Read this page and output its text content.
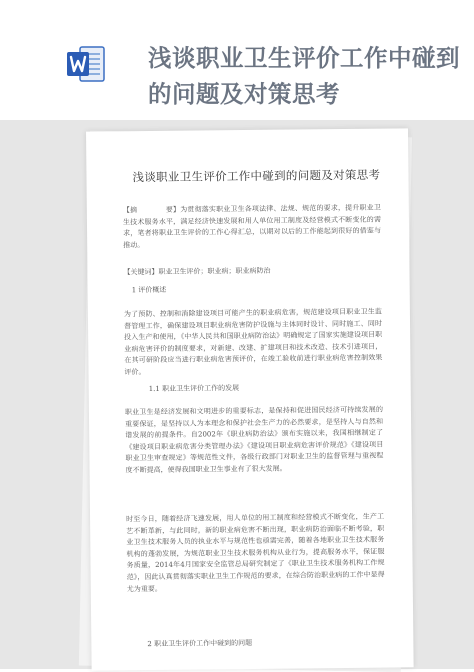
浅谈职业卫生评价工作中碰到的问题及对策思考
浅谈职业卫生评价工作中碰到的问题及对策思考
【摘　　　　要】为贯彻落实职业卫生各项法律、法规、规范的要求，提升职业卫生技术服务水平，满足经济快速发展和用人单位用工制度及经营模式不断变化的需求，笔者将职业卫生评价的工作心得汇总，以期对以后的工作能起到很好的借鉴与推动。
【关键词】职业卫生评价；职业病；职业病防治
1 评价概述
为了预防、控制和消除建设项目可能产生的职业病危害，规范建设项目职业卫生监督管理工作，确保建设项目职业病危害防护设施与主体同时设计、同时施工、同时投入生产和使用，《中华人民共和国职业病防治法》明确规定了国家实施建设项目职业病危害评价的制度要求，对新建、改建、扩建项目和技术改造、技术引进项目，在其可研阶段应当进行职业病危害预评价，在竣工验收前进行职业病危害控制效果评价。
1.1 职业卫生评价工作的发展
职业卫生是经济发展和文明进步的重要标志，是保持和促进国民经济可持续发展的重要保证，是坚持以人为本理念和保护社会生产力的必然要求，是坚持人与自然和谐发展的前提条件。自2002年《职业病防治法》颁布实施以来，我国相继制定了《建设项目职业病危害分类管理办法》《建设项目职业病危害评价规范》《建设项目职业卫生审查规定》等规范性文件，各级行政部门对职业卫生的监督管理与重视程度不断提高，使得我国职业卫生事业有了很大发展。
时至今日，随着经济飞速发展，用人单位的用工制度和经营模式不断变化，生产工艺不断革新，与此同时，新的职业病危害不断出现，职业病防治面临不断考验，职业卫生技术服务人员的执业水平与规范性也亟需完善，随着各地职业卫生技术服务机构的蓬勃发展，为规范职业卫生技术服务机构从业行为，提高服务水平，保证服务质量，2014年4月国家安全监管总局研究制定了《职业卫生技术服务机构工作规范》，因此认真贯彻落实职业卫生工作规范的要求，在综合防治职业病的工作中显得尤为重要。
2 职业卫生评价工作中碰到的问题
